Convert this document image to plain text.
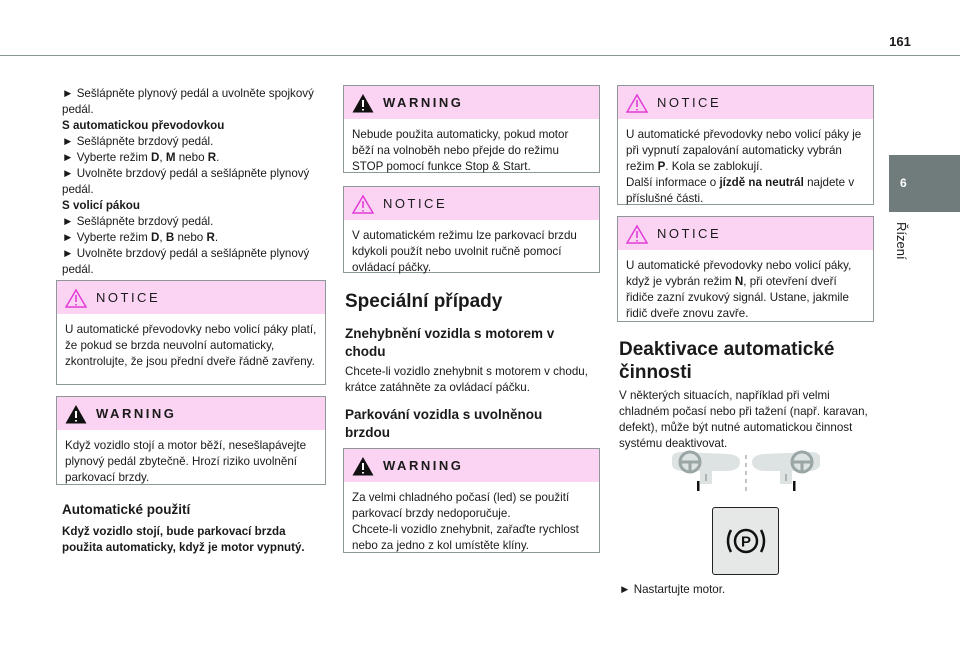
161
6
Řízení

► Sešlápněte plynový pedál a uvolněte spojkový pedál.

S automatickou převodovkou

► Sešlápněte brzdový pedál.

► Vyberte režim D, M nebo R.

► Uvolněte brzdový pedál a sešlápněte plynový pedál.

S volicí pákou

► Sešlápněte brzdový pedál.

► Vyberte režim D, B nebo R.

► Uvolněte brzdový pedál a sešlápněte plynový pedál.

NOTICE
U automatické převodovky nebo volicí páky platí, že pokud se brzda neuvolní automaticky, zkontrolujte, že jsou přední dveře řádně zavřeny.
WARNING
Když vozidlo stojí a motor běží, nesešlapávejte plynový pedál zbytečně. Hrozí riziko uvolnění parkovací brzdy.
Automatické použití

Když vozidlo stojí, bude parkovací brzda použita automaticky, když je motor vypnutý.

WARNING
Nebude použita automaticky, pokud motor běží na volnoběh nebo přejde do režimu STOP pomocí funkce Stop & Start.
NOTICE
V automatickém režimu lze parkovací brzdu kdykoli použít nebo uvolnit ručně pomocí ovládací páčky.
Speciální případy
Znehybnění vozidla s motorem v chodu

Chcete-li vozidlo znehybnit s motorem v chodu, krátce zatáhněte za ovládací páčku.

Parkování vozidla s uvolněnou brzdou
WARNING

Za velmi chladného počasí (led) se použití parkovací brzdy nedoporučuje.

Chcete-li vozidlo znehybnit, zařaďte rychlost nebo za jedno z kol umístěte klíny.

NOTICE

U automatické převodovky nebo volicí páky je při vypnutí zapalování automaticky vybrán režim P. Kola se zablokují.

Další informace o jízdě na neutrál najdete v příslušné části.

NOTICE
U automatické převodovky nebo volicí páky, když je vybrán režim N, při otevření dveří řidiče zazní zvukový signál. Ustane, jakmile řidič dveře znovu zavře.
Deaktivace automatické činnosti

V některých situacích, například při velmi chladném počasí nebo při tažení (např. karavan, defekt), může být nutné automatickou činnost systému deaktivovat.

P

► Nastartujte motor.
